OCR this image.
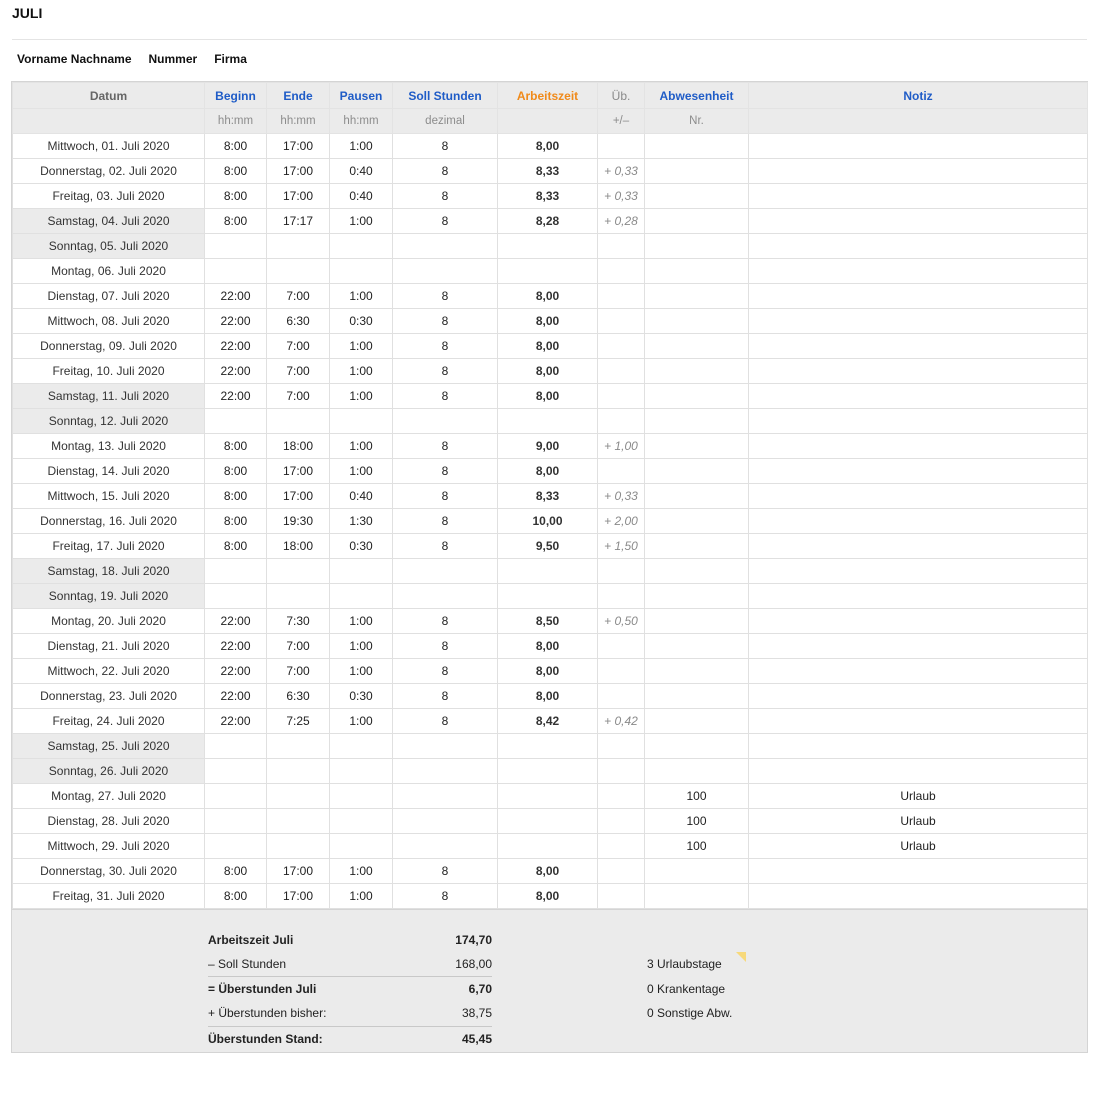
JULI
Vorname Nachname Nummer Firma
Datum	Beginn	Ende	Pausen	Soll Stunden	Arbeitszeit	Üb.	Abwesenheit	Notiz
	hh:mm	hh:mm	hh:mm	dezimal		+/–	Nr.	
Mittwoch, 01. Juli 2020	8:00	17:00	1:00	8	8,00			
Donnerstag, 02. Juli 2020	8:00	17:00	0:40	8	8,33	+ 0,33		
Freitag, 03. Juli 2020	8:00	17:00	0:40	8	8,33	+ 0,33		
Samstag, 04. Juli 2020	8:00	17:17	1:00	8	8,28	+ 0,28		
Sonntag, 05. Juli 2020								
Montag, 06. Juli 2020								
Dienstag, 07. Juli 2020	22:00	7:00	1:00	8	8,00			
Mittwoch, 08. Juli 2020	22:00	6:30	0:30	8	8,00			
Donnerstag, 09. Juli 2020	22:00	7:00	1:00	8	8,00			
Freitag, 10. Juli 2020	22:00	7:00	1:00	8	8,00			
Samstag, 11. Juli 2020	22:00	7:00	1:00	8	8,00			
Sonntag, 12. Juli 2020								
Montag, 13. Juli 2020	8:00	18:00	1:00	8	9,00	+ 1,00		
Dienstag, 14. Juli 2020	8:00	17:00	1:00	8	8,00			
Mittwoch, 15. Juli 2020	8:00	17:00	0:40	8	8,33	+ 0,33		
Donnerstag, 16. Juli 2020	8:00	19:30	1:30	8	10,00	+ 2,00		
Freitag, 17. Juli 2020	8:00	18:00	0:30	8	9,50	+ 1,50		
Samstag, 18. Juli 2020								
Sonntag, 19. Juli 2020								
Montag, 20. Juli 2020	22:00	7:30	1:00	8	8,50	+ 0,50		
Dienstag, 21. Juli 2020	22:00	7:00	1:00	8	8,00			
Mittwoch, 22. Juli 2020	22:00	7:00	1:00	8	8,00			
Donnerstag, 23. Juli 2020	22:00	6:30	0:30	8	8,00			
Freitag, 24. Juli 2020	22:00	7:25	1:00	8	8,42	+ 0,42		
Samstag, 25. Juli 2020								
Sonntag, 26. Juli 2020								
Montag, 27. Juli 2020							100	Urlaub
Dienstag, 28. Juli 2020							100	Urlaub
Mittwoch, 29. Juli 2020							100	Urlaub
Donnerstag, 30. Juli 2020	8:00	17:00	1:00	8	8,00			
Freitag, 31. Juli 2020	8:00	17:00	1:00	8	8,00			
Arbeitszeit Juli	174,70
– Soll Stunden	168,00
= Überstunden Juli	6,70
+ Überstunden bisher:	38,75
Überstunden Stand:	45,45
3 Urlaubstage
0 Krankentage
0 Sonstige Abw.
